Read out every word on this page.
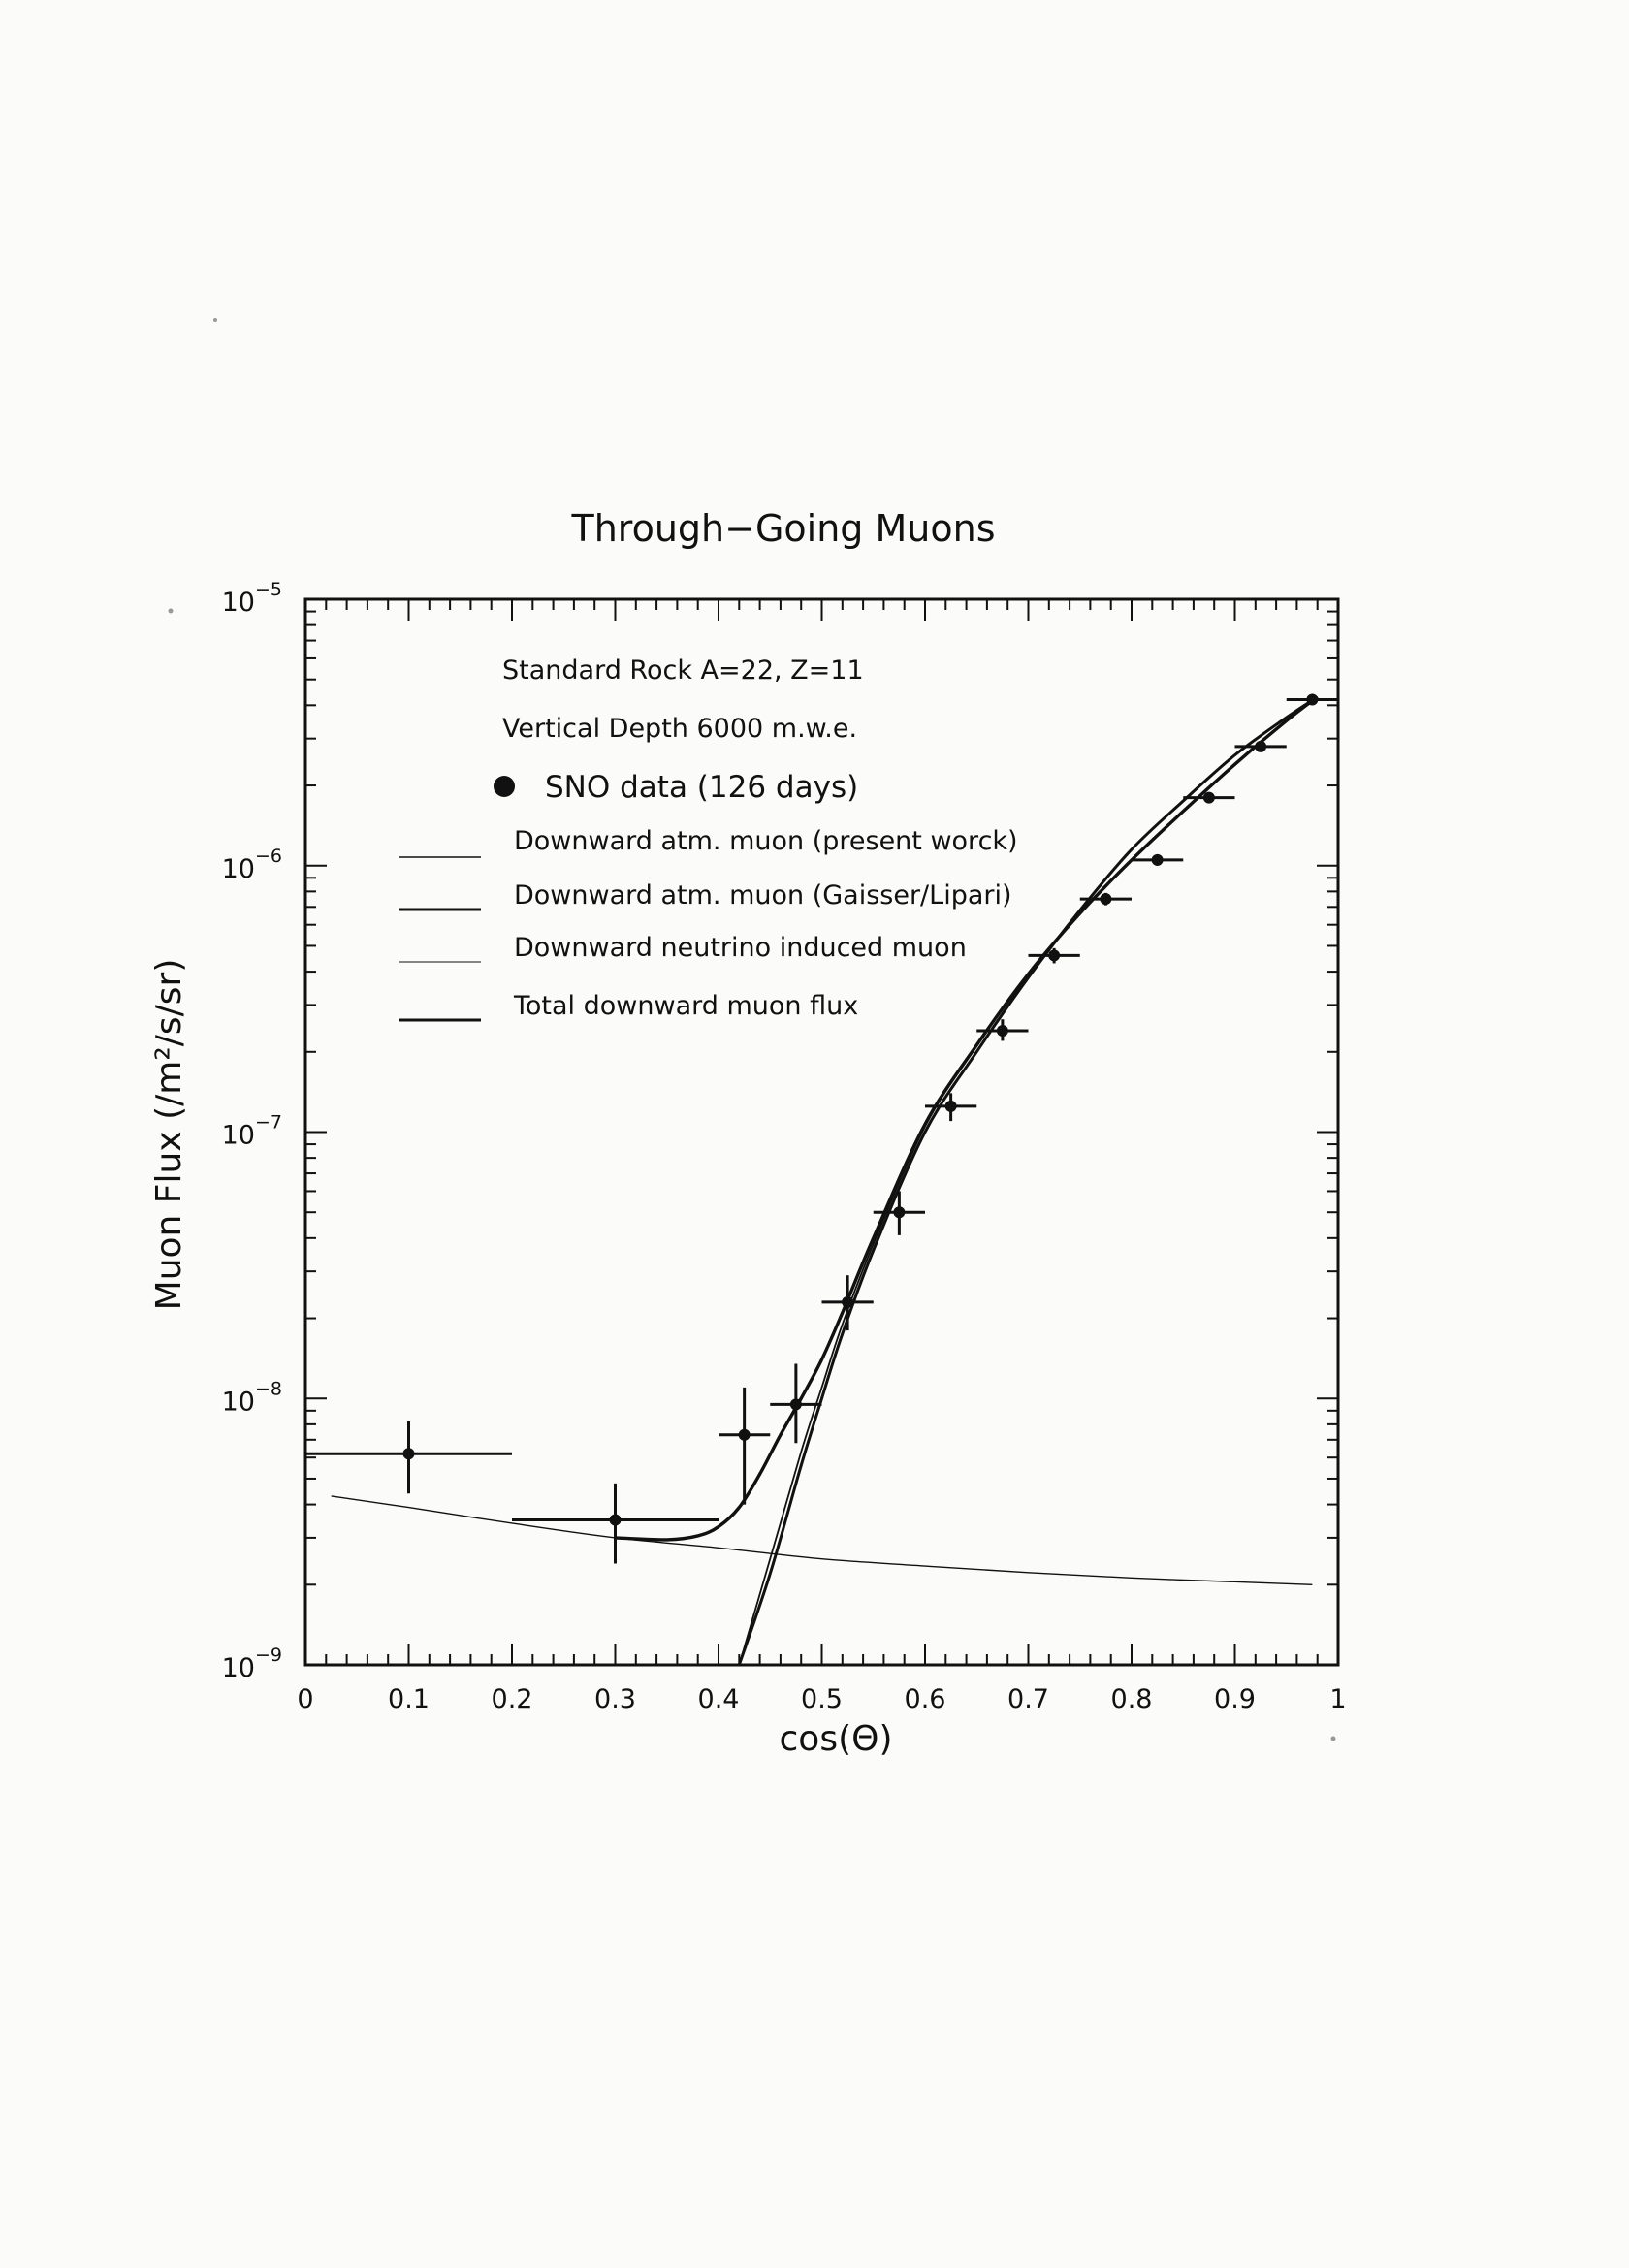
Through−Going Muons
$10^{-5}$
$10^{-6}$
$10^{-7}$
$10^{-8}$
$10^{-9}$
0	0.1 0.2 0.3 0.4 0.5 0.6 0.7 0.8 0.9	1
cos(Θ)
Muon Flux (/m²/s/sr)
Standard Rock A=22, Z=11
Vertical Depth 6000 m.w.e.
SNO data (126 days)
Downward atm. muon (present worck)
Downward atm. muon (Gaisser/Lipari)
Downward neutrino induced muon
Total downward muon flux
